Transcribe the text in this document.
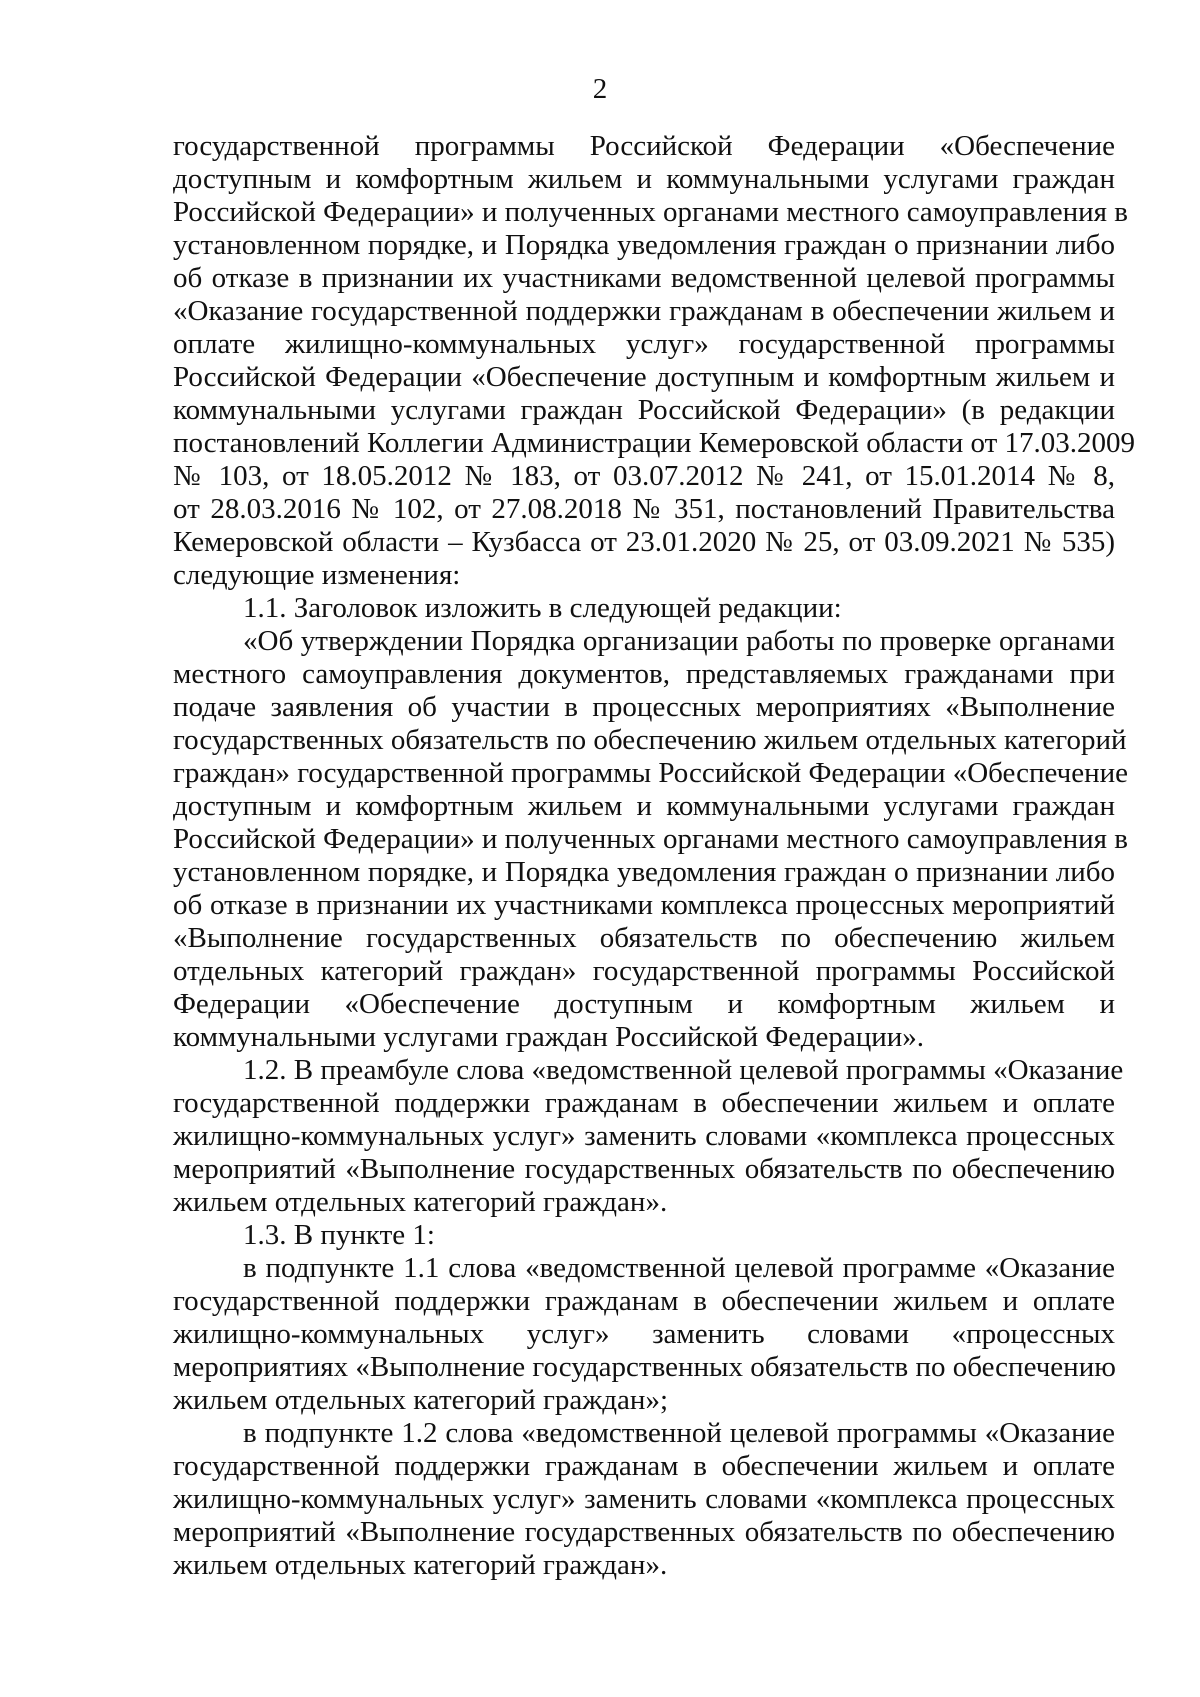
2
государственной программы Российской Федерации «Обеспечение
доступным и комфортным жильем и коммунальными услугами граждан
Российской Федерации» и полученных органами местного самоуправления в
установленном порядке, и Порядка уведомления граждан о признании либо
об отказе в признании их участниками ведомственной целевой программы
«Оказание государственной поддержки гражданам в обеспечении жильем и
оплате жилищно-коммунальных услуг» государственной программы
Российской Федерации «Обеспечение доступным и комфортным жильем и
коммунальными услугами граждан Российской Федерации» (в редакции
постановлений Коллегии Администрации Кемеровской области от 17.03.2009
№ 103, от 18.05.2012 № 183, от 03.07.2012 № 241, от 15.01.2014 № 8,
от 28.03.2016 № 102, от 27.08.2018 № 351, постановлений Правительства
Кемеровской области – Кузбасса от 23.01.2020 № 25, от 03.09.2021 № 535)
следующие изменения:
1.1. Заголовок изложить в следующей редакции:
«Об утверждении Порядка организации работы по проверке органами
местного самоуправления документов, представляемых гражданами при
подаче заявления об участии в процессных мероприятиях «Выполнение
государственных обязательств по обеспечению жильем отдельных категорий
граждан» государственной программы Российской Федерации «Обеспечение
доступным и комфортным жильем и коммунальными услугами граждан
Российской Федерации» и полученных органами местного самоуправления в
установленном порядке, и Порядка уведомления граждан о признании либо
об отказе в признании их участниками комплекса процессных мероприятий
«Выполнение государственных обязательств по обеспечению жильем
отдельных категорий граждан» государственной программы Российской
Федерации «Обеспечение доступным и комфортным жильем и
коммунальными услугами граждан Российской Федерации».
1.2. В преамбуле слова «ведомственной целевой программы «Оказание
государственной поддержки гражданам в обеспечении жильем и оплате
жилищно-коммунальных услуг» заменить словами «комплекса процессных
мероприятий «Выполнение государственных обязательств по обеспечению
жильем отдельных категорий граждан».
1.3. В пункте 1:
в подпункте 1.1 слова «ведомственной целевой программе «Оказание
государственной поддержки гражданам в обеспечении жильем и оплате
жилищно-коммунальных услуг» заменить словами «процессных
мероприятиях «Выполнение государственных обязательств по обеспечению
жильем отдельных категорий граждан»;
в подпункте 1.2 слова «ведомственной целевой программы «Оказание
государственной поддержки гражданам в обеспечении жильем и оплате
жилищно-коммунальных услуг» заменить словами «комплекса процессных
мероприятий «Выполнение государственных обязательств по обеспечению
жильем отдельных категорий граждан».
